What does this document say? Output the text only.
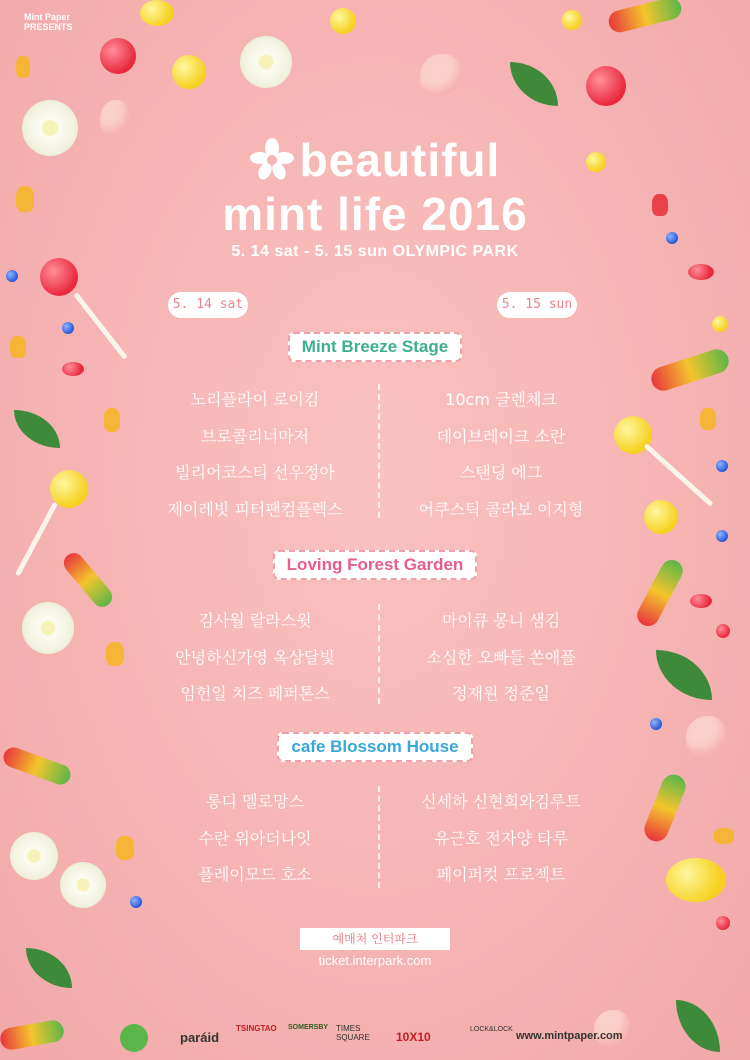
Mint Paper
PRESENTS
beautiful
mint life 2016
5. 14 sat - 5. 15 sun OLYMPIC PARK
5. 14 sat	5. 15 sun
Mint Breeze Stage
노리플라이 로이킴
브로콜리너마저
빌리어코스티 선우정아
제이레빗 피터팬컴플렉스
10cm 글렌체크
데이브레이크 소란
스탠딩 에그
어쿠스틱 콜라보 이지형
Loving Forest Garden
김사월 랄라스윗
안녕하신가영 옥상달빛
임헌일 치즈 페퍼톤스
마이큐 몽니 샘김
소심한 오빠들 쏜애플
정재원 정준일
cafe Blossom House
롱디 멜로망스
수란 위아더나잇
플레이모드 호소
신세하 신현희와김루트
유근호 전자양 타루
페이퍼컷 프로젝트
예매처 인터파크
ticket.interpark.com
paráid
TSINGTAO SOMERSBY TIMES SQUARE	10X10
LOCK&LOCK
www.mintpaper.com
